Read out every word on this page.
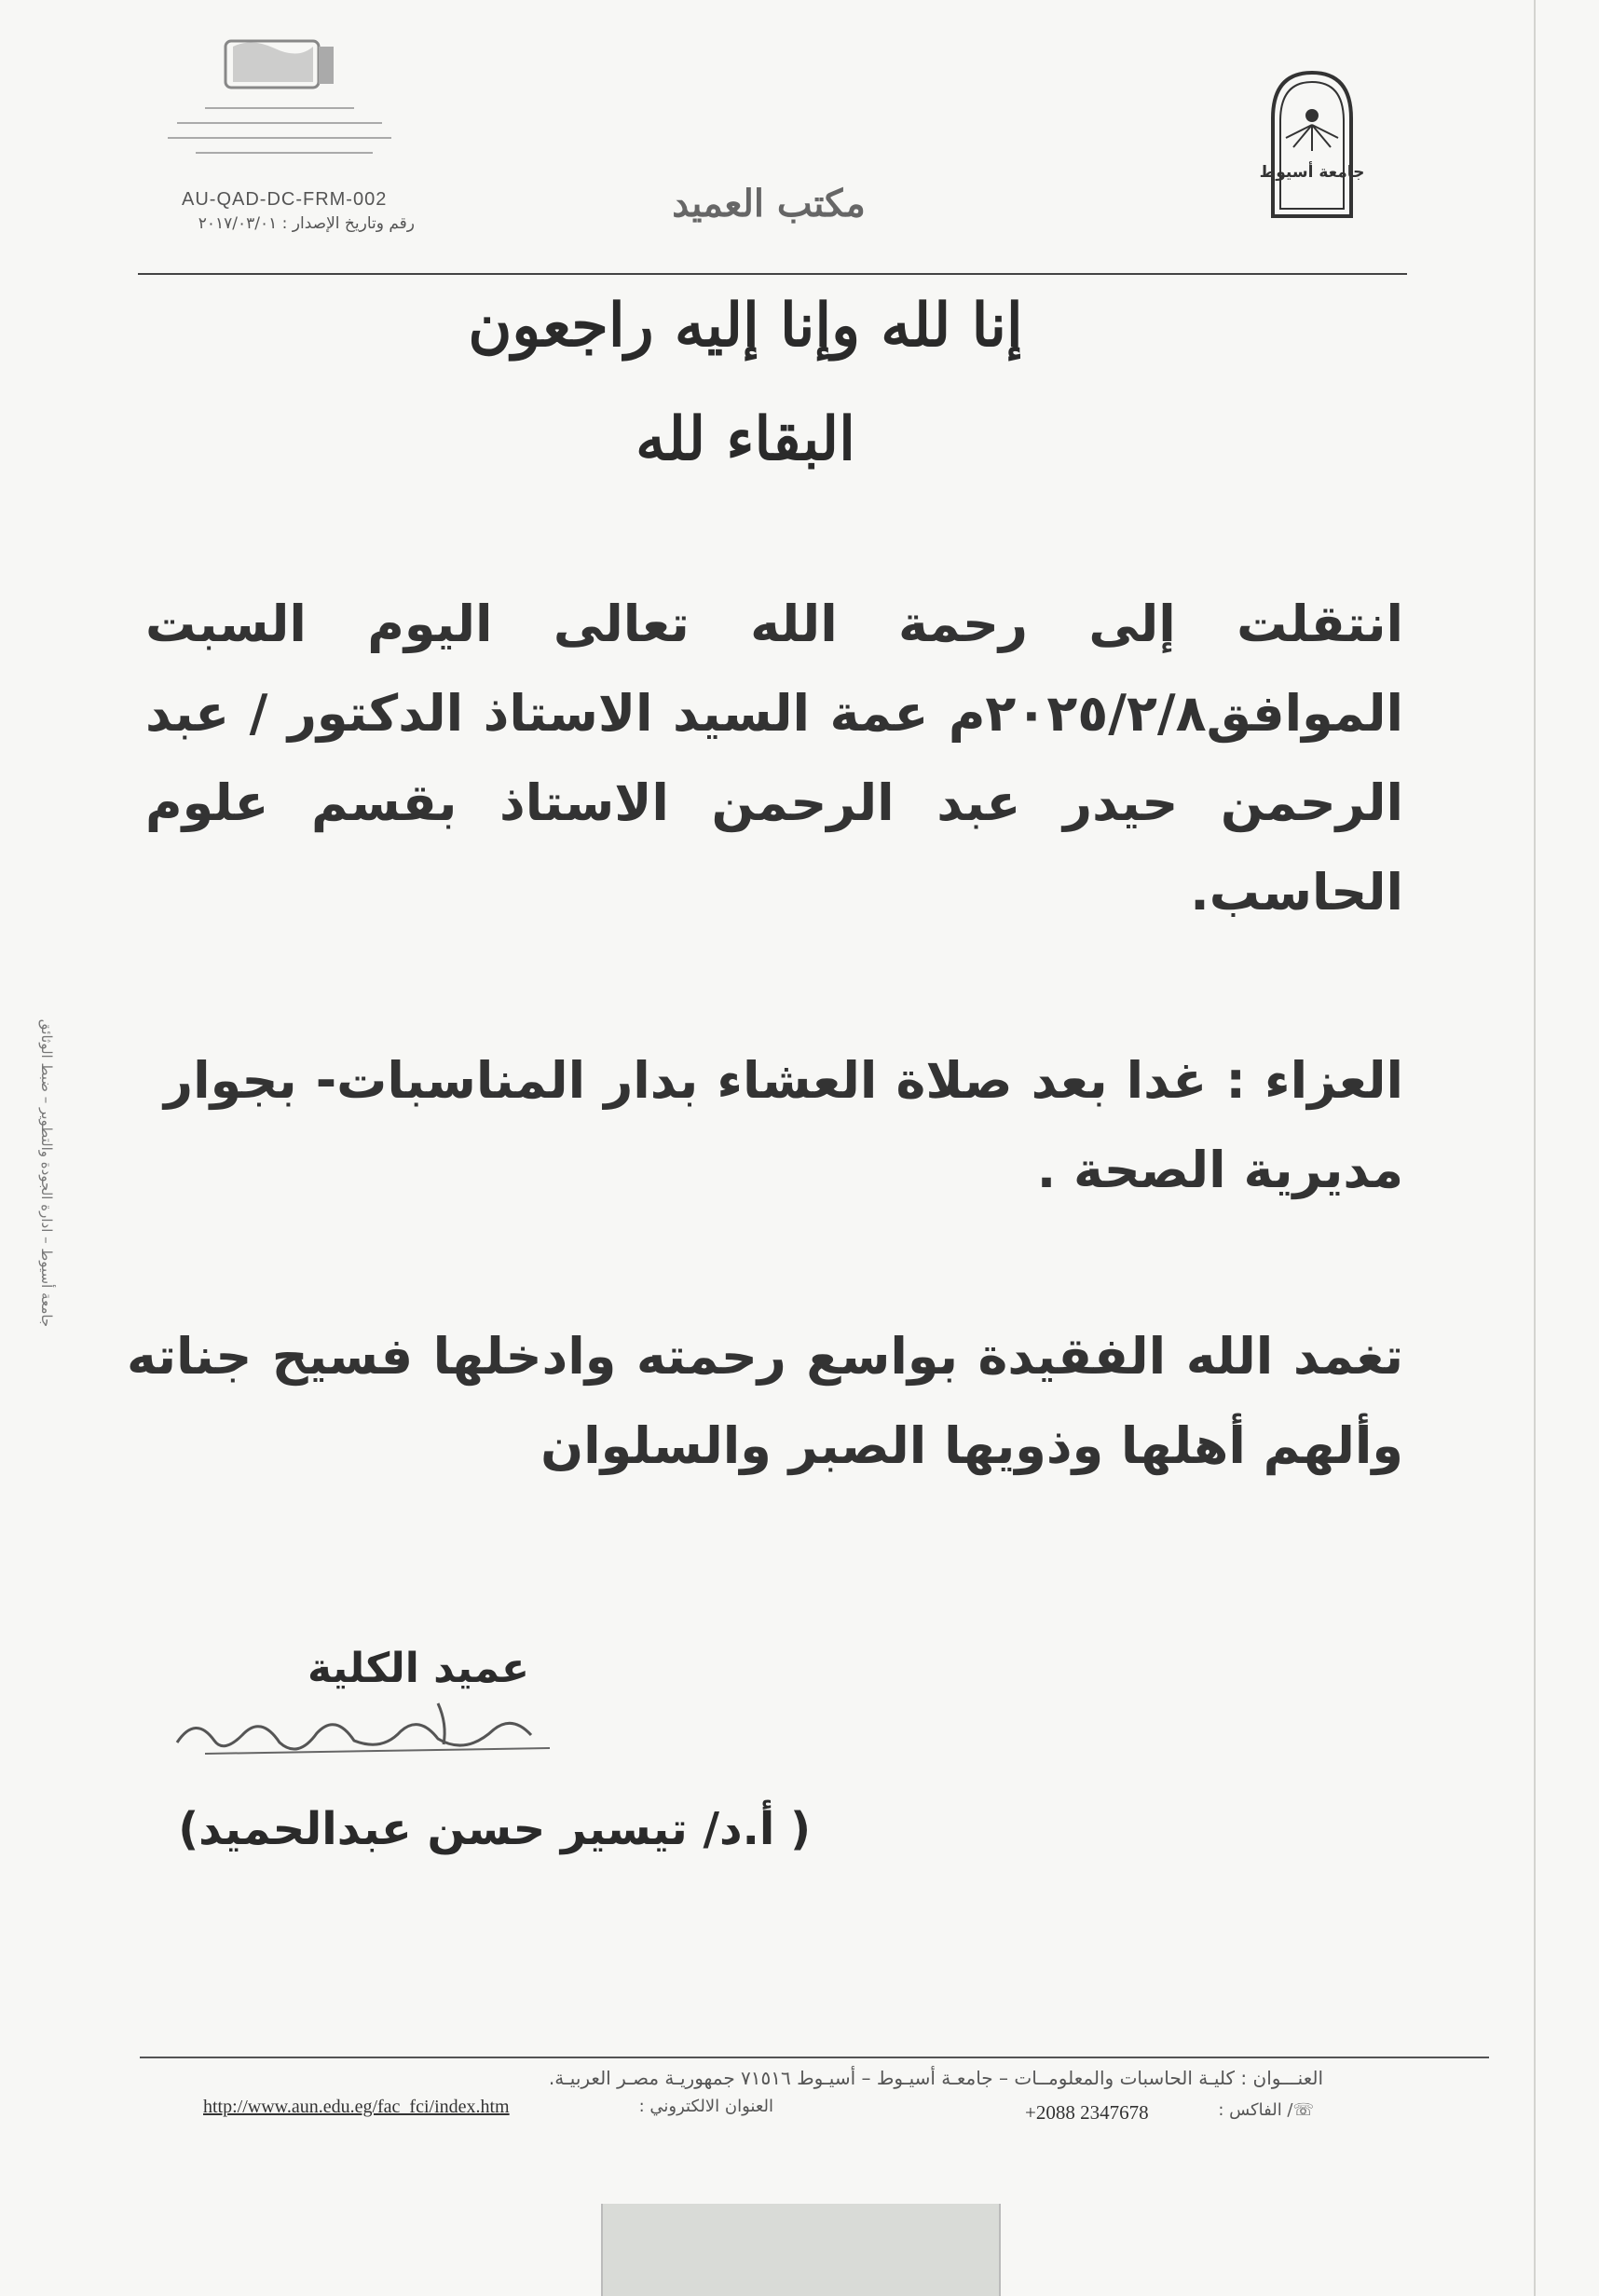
جامعة أسيوط
AU-QAD-DC-FRM-002
رقم وتاريخ الإصدار : ٢٠١٧/٠٣/٠١	مكتب العميد
إنا لله وإنا إليه راجعون
البقاء لله
انتقلت إلى رحمة الله تعالى اليوم السبت الموافق٢٠٢٥/٢/٨م عمة السيد الاستاذ الدكتور / عبد الرحمن حيدر عبد الرحمن الاستاذ بقسم علوم الحاسب.
العزاء : غدا بعد صلاة العشاء بدار المناسبات- بجوار مديرية الصحة .
تغمد الله الفقيدة بواسع رحمته وادخلها فسيح جناته وألهم أهلها وذويها الصبر والسلوان
عميد الكلية
( أ.د/ تيسير حسن عبدالحميد)
جامعة أسيوط – ادارة الجودة والتطوير – ضبط الوثائق
العنـــوان : كليـة الحاسبات والمعلومــات – جامعـة أسيـوط – أسيـوط ٧١٥١٦ جمهوريـة مصـر العربيـة.
http://www.aun.edu.eg/fac_fci/index.htm	العنوان الالكتروني :	+2088 2347678	☏/ الفاكس :
